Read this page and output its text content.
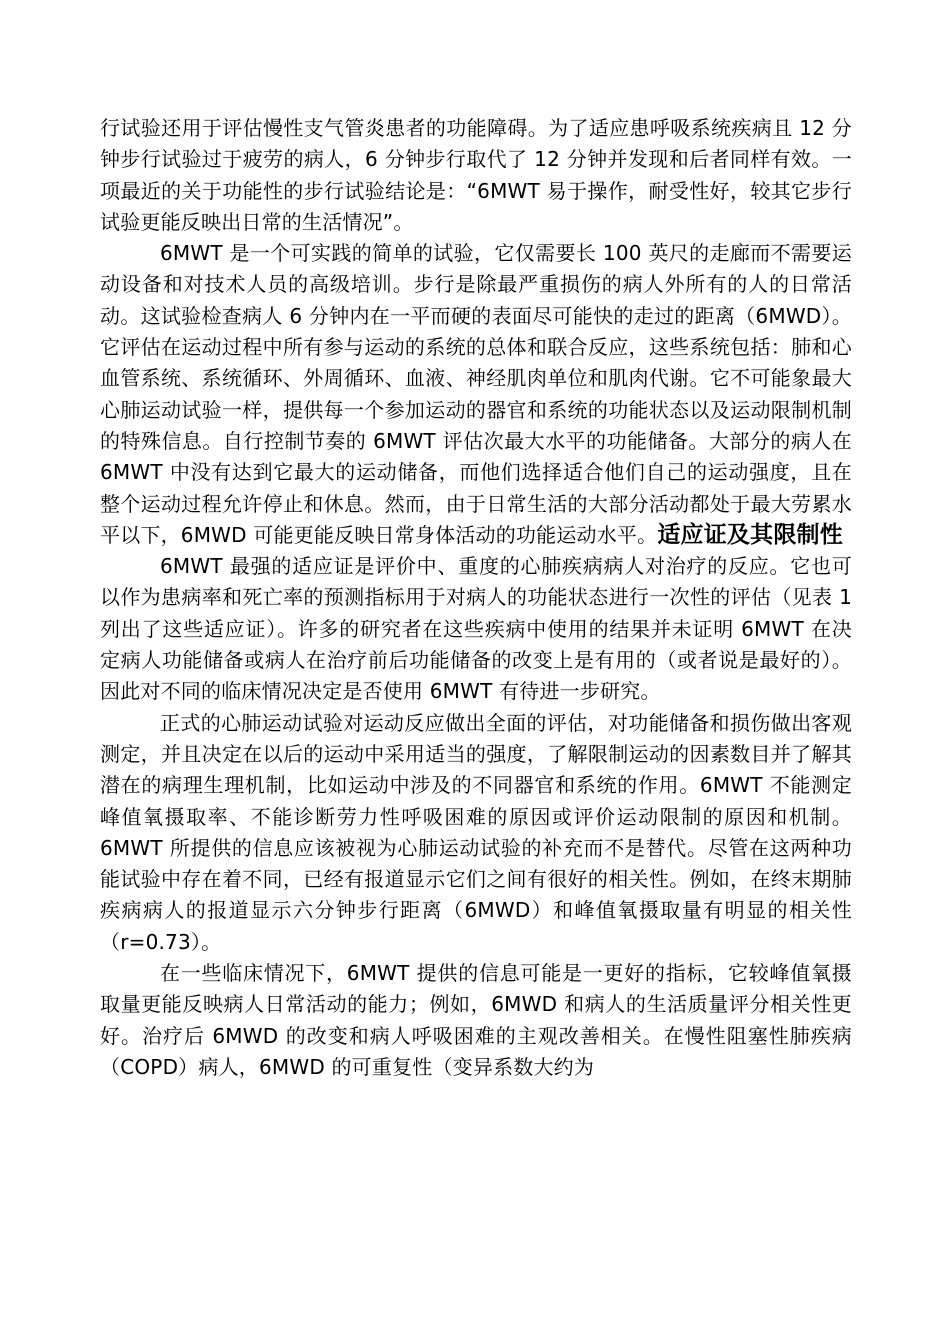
行试验还用于评估慢性支气管炎患者的功能障碍。为了适应患呼吸系统疾病且 12 分钟步行试验过于疲劳的病人，6 分钟步行取代了 12 分钟并发现和后者同样有效。一项最近的关于功能性的步行试验结论是：“6MWT 易于操作，耐受性好，较其它步行试验更能反映出日常的生活情况”。

6MWT 是一个可实践的简单的试验，它仅需要长 100 英尺的走廊而不需要运动设备和对技术人员的高级培训。步行是除最严重损伤的病人外所有的人的日常活动。这试验检查病人 6 分钟内在一平而硬的表面尽可能快的走过的距离（6MWD）。它评估在运动过程中所有参与运动的系统的总体和联合反应，这些系统包括：肺和心血管系统、系统循环、外周循环、血液、神经肌肉单位和肌肉代谢。它不可能象最大心肺运动试验一样，提供每一个参加运动的器官和系统的功能状态以及运动限制机制的特殊信息。自行控制节奏的 6MWT 评估次最大水平的功能储备。大部分的病人在 6MWT 中没有达到它最大的运动储备，而他们选择适合他们自己的运动强度，且在整个运动过程允许停止和休息。然而，由于日常生活的大部分活动都处于最大劳累水平以下，6MWD 可能更能反映日常身体活动的功能运动水平。适应证及其限制性

6MWT 最强的适应证是评价中、重度的心肺疾病病人对治疗的反应。它也可以作为患病率和死亡率的预测指标用于对病人的功能状态进行一次性的评估（见表 1 列出了这些适应证）。许多的研究者在这些疾病中使用的结果并未证明 6MWT 在决定病人功能储备或病人在治疗前后功能储备的改变上是有用的（或者说是最好的）。因此对不同的临床情况决定是否使用 6MWT 有待进一步研究。

正式的心肺运动试验对运动反应做出全面的评估，对功能储备和损伤做出客观测定，并且决定在以后的运动中采用适当的强度，了解限制运动的因素数目并了解其潜在的病理生理机制，比如运动中涉及的不同器官和系统的作用。6MWT 不能测定峰值氧摄取率、不能诊断劳力性呼吸困难的原因或评价运动限制的原因和机制。6MWT 所提供的信息应该被视为心肺运动试验的补充而不是替代。尽管在这两种功能试验中存在着不同，已经有报道显示它们之间有很好的相关性。例如，在终末期肺疾病病人的报道显示六分钟步行距离（6MWD）和峰值氧摄取量有明显的相关性（r=0.73）。

在一些临床情况下，6MWT 提供的信息可能是一更好的指标，它较峰值氧摄取量更能反映病人日常活动的能力；例如，6MWD 和病人的生活质量评分相关性更好。治疗后 6MWD 的改变和病人呼吸困难的主观改善相关。在慢性阻塞性肺疾病（COPD）病人，6MWD 的可重复性（变异系数大约为
